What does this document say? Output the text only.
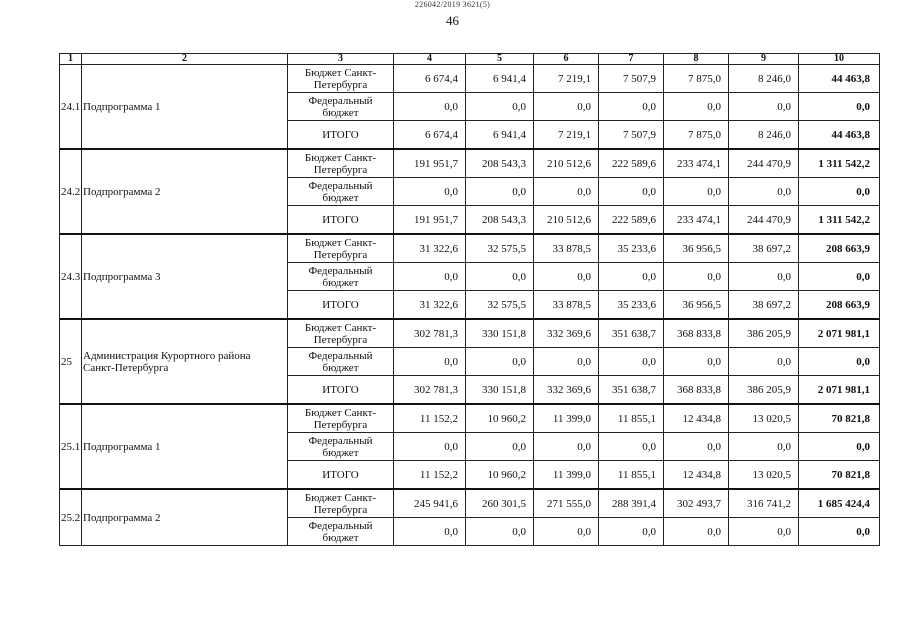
226042/2019 3621(5)
46
1	2	3	4	5	6	7	8	9	10
24.1	Подпрограмма 1	Бюджет Санкт-Петербурга	6 674,4	6 941,4	7 219,1	7 507,9	7 875,0	8 246,0	44 463,8
		Федеральный бюджет	0,0	0,0	0,0	0,0	0,0	0,0	0,0
		ИТОГО	6 674,4	6 941,4	7 219,1	7 507,9	7 875,0	8 246,0	44 463,8
24.2	Подпрограмма 2	Бюджет Санкт-Петербурга	191 951,7	208 543,3	210 512,6	222 589,6	233 474,1	244 470,9	1 311 542,2
		Федеральный бюджет	0,0	0,0	0,0	0,0	0,0	0,0	0,0
		ИТОГО	191 951,7	208 543,3	210 512,6	222 589,6	233 474,1	244 470,9	1 311 542,2
24.3	Подпрограмма 3	Бюджет Санкт-Петербурга	31 322,6	32 575,5	33 878,5	35 233,6	36 956,5	38 697,2	208 663,9
		Федеральный бюджет	0,0	0,0	0,0	0,0	0,0	0,0	0,0
		ИТОГО	31 322,6	32 575,5	33 878,5	35 233,6	36 956,5	38 697,2	208 663,9
25	Администрация Курортного района Санкт-Петербурга	Бюджет Санкт-Петербурга	302 781,3	330 151,8	332 369,6	351 638,7	368 833,8	386 205,9	2 071 981,1
		Федеральный бюджет	0,0	0,0	0,0	0,0	0,0	0,0	0,0
		ИТОГО	302 781,3	330 151,8	332 369,6	351 638,7	368 833,8	386 205,9	2 071 981,1
25.1	Подпрограмма 1	Бюджет Санкт-Петербурга	11 152,2	10 960,2	11 399,0	11 855,1	12 434,8	13 020,5	70 821,8
		Федеральный бюджет	0,0	0,0	0,0	0,0	0,0	0,0	0,0
		ИТОГО	11 152,2	10 960,2	11 399,0	11 855,1	12 434,8	13 020,5	70 821,8
25.2	Подпрограмма 2	Бюджет Санкт-Петербурга	245 941,6	260 301,5	271 555,0	288 391,4	302 493,7	316 741,2	1 685 424,4
		Федеральный бюджет	0,0	0,0	0,0	0,0	0,0	0,0	0,0
